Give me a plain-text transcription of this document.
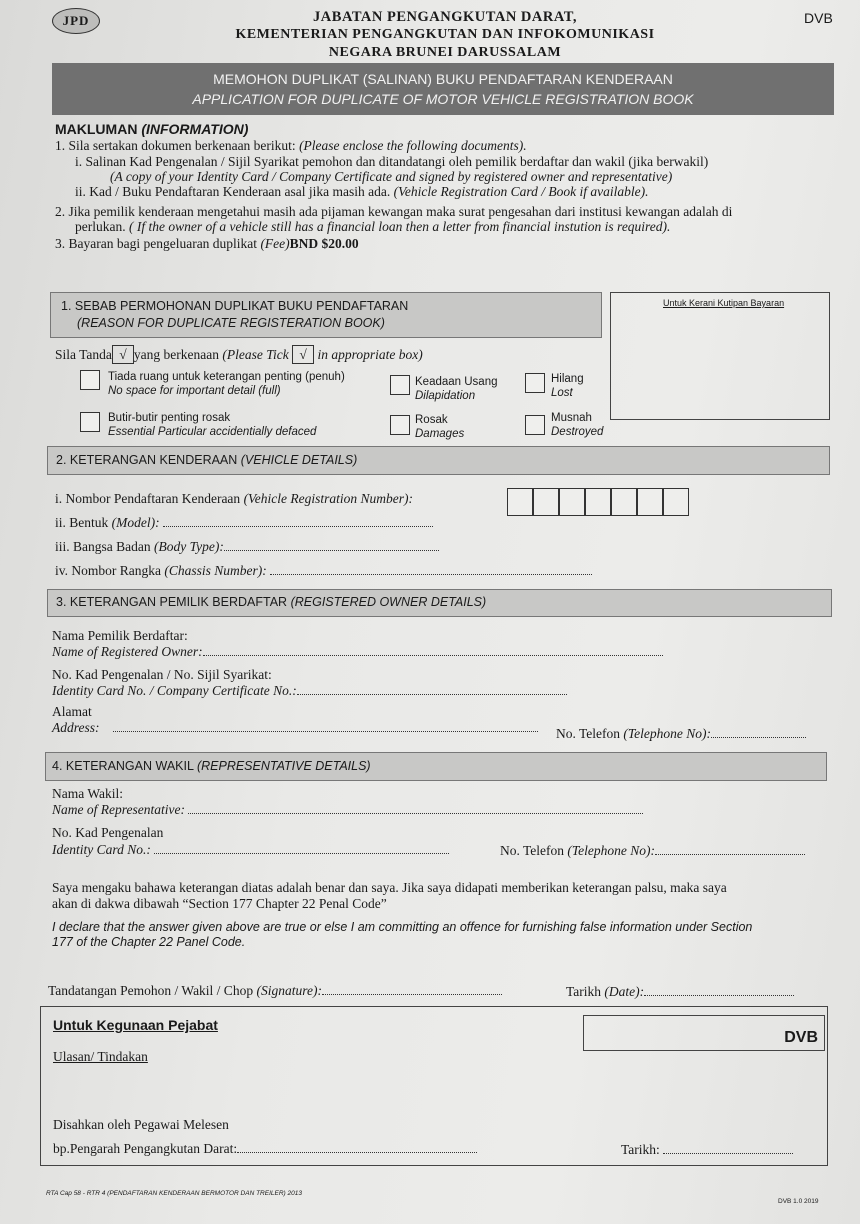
JPD	JABATAN PENGANGKUTAN DARAT,
KEMENTERIAN PENGANGKUTAN DAN INFOKOMUNIKASI
NEGARA BRUNEI DARUSSALAM
DVB
MEMOHON DUPLIKAT (SALINAN) BUKU PENDAFTARAN KENDERAAN
APPLICATION FOR DUPLICATE OF MOTOR VEHICLE REGISTRATION BOOK
MAKLUMAN (INFORMATION)
1. Sila sertakan dokumen berkenaan berikut: (Please enclose the following documents).
i. Salinan Kad Pengenalan / Sijil Syarikat pemohon dan ditandatangi oleh pemilik berdaftar dan wakil (jika berwakil)
(A copy of your Identity Card / Company Certificate and signed by registered owner and representative)
ii. Kad / Buku Pendaftaran Kenderaan asal jika masih ada. (Vehicle Registration Card / Book if available).
2. Jika pemilik kenderaan mengetahui masih ada pijaman kewangan maka surat pengesahan dari institusi kewangan adalah di
perlukan. ( If the owner of a vehicle still has a financial loan then a letter from financial instution is required).
3. Bayaran bagi pengeluaran duplikat (Fee)BND $20.00
1. SEBAB PERMOHONAN DUPLIKAT BUKU PENDAFTARAN
(REASON FOR DUPLICATE REGISTERATION BOOK)
Untuk Kerani Kutipan Bayaran
Sila Tanda √ yang berkenaan (Please Tick √ in appropriate box)
Tiada ruang untuk keterangan penting (penuh)
No space for important detail (full)
Keadaan Usang
Dilapidation
Hilang
Lost
Butir-butir penting rosak
Essential Particular accidentially defaced
Rosak
Damages
Musnah
Destroyed
2. KETERANGAN KENDERAAN (VEHICLE DETAILS)
i. Nombor Pendaftaran Kenderaan (Vehicle Registration Number):
ii. Bentuk (Model):
iii. Bangsa Badan (Body Type):
iv. Nombor Rangka (Chassis Number):
3. KETERANGAN PEMILIK BERDAFTAR (REGISTERED OWNER DETAILS)
Nama Pemilik Berdaftar:
Name of Registered Owner:
No. Kad Pengenalan / No. Sijil Syarikat:
Identity Card No. / Company Certificate No.:
Alamat
Address:	No. Telefon (Telephone No):
4. KETERANGAN WAKIL (REPRESENTATIVE DETAILS)
Nama Wakil:
Name of Representative:
No. Kad Pengenalan
Identity Card No.:	No. Telefon (Telephone No):
Saya mengaku bahawa keterangan diatas adalah benar dan saya. Jika saya didapati memberikan keterangan palsu, maka saya
akan di dakwa dibawah “Section 177 Chapter 22 Penal Code”
I declare that the answer given above are true or else I am committing an offence for furnishing false information under Section
177 of the Chapter 22 Panel Code.
Tandatangan Pemohon / Wakil / Chop (Signature):	Tarikh (Date):
Untuk Kegunaan Pejabat
DVB
Ulasan/ Tindakan
Disahkan oleh Pegawai Melesen
bp.Pengarah Pengangkutan Darat:	Tarikh:
RTA Cap 58 - RTR 4 (PENDAFTARAN KENDERAAN BERMOTOR DAN TREILER) 2013
DVB 1.0 2019
